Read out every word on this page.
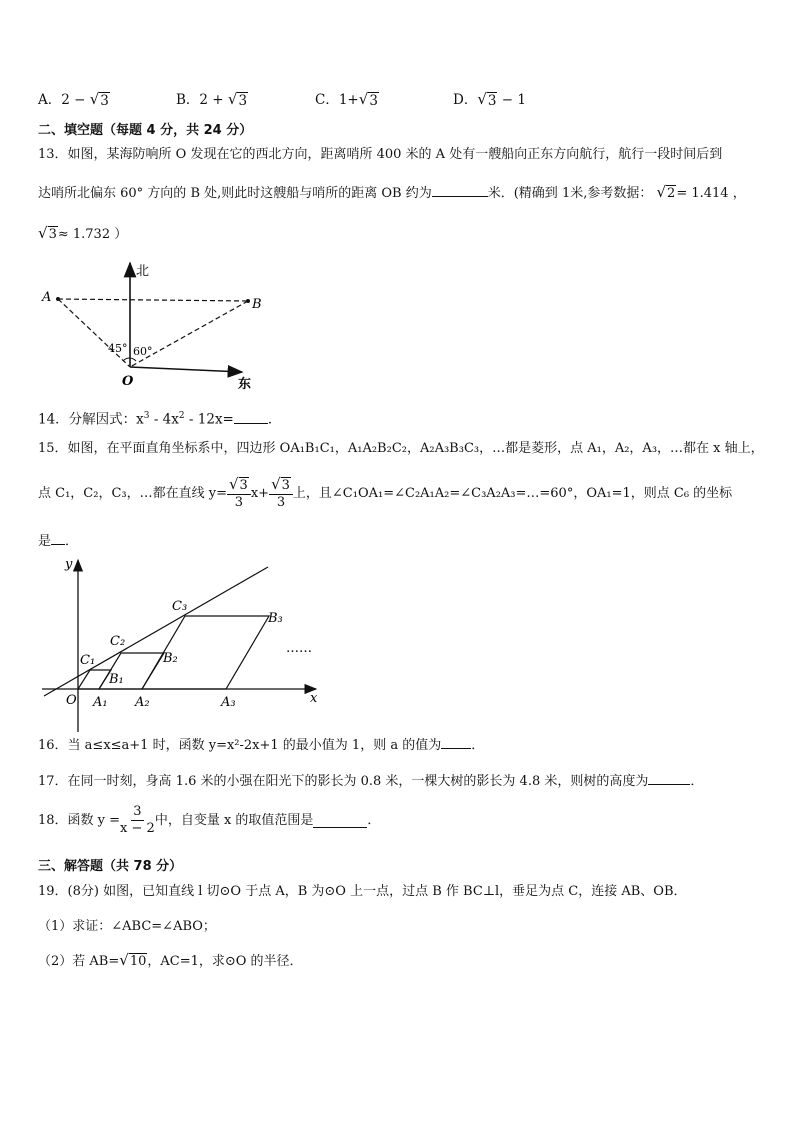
A．2 − √ 3	B．2 + √ 3	C．1+ √ 3	D． √ 3 − 1
二、填空题（每题 4 分，共 24 分）
13．如图，某海防响所 O 发现在它的西北方向，距离哨所 400 米的 A 处有一艘船向正东方向航行，航行一段时间后到
达哨所北偏东 60° 方向的 B 处,则此时这艘船与哨所的距离 OB 约为	米．(精确到 1米,参考数据： √ 2 = 1.414 ，
√ 3 ≈ 1.732 ）
北
东
A	B
O
45° 60°
14．分解因式：$x^3 - 4x^2 - 12x=$	．
15．如图，在平面直角坐标系中，四边形 OA₁B₁C₁，A₁A₂B₂C₂，A₂A₃B₃C₃，…都是菱形，点 A₁，A₂，A₃，…都在 x 轴上，
点 C₁，C₂，C₃，…都在直线 $y= \frac{√ 3}{3} x+ \frac{√ 3}{3}$ 上，且∠C₁OA₁=∠C₂A₁A₂=∠C₃A₂A₃=…=60°，OA₁=1，则点 C₆ 的坐标
是 ．
y
x
O
C₁
C₂
C₃
B₁
B₂
B₃
A₁ A₂	A₃
……
16．当 a≤x≤a+1 时，函数 y=x²-2x+1 的最小值为 1，则 a 的值为 ．
17．在同一时刻，身高 1.6 米的小强在阳光下的影长为 0.8 米，一棵大树的影长为 4.8 米，则树的高度为	．
18．函数 $y = \frac{3}{x - 2}$ 中，自变量 x 的取值范围是	．
三、解答题（共 78 分）
19．(8分) 如图，已知直线 l 切⊙O 于点 A，B 为⊙O 上一点，过点 B 作 BC⊥l，垂足为点 C，连接 AB、OB．
（1）求证：∠ABC=∠ABO；
（2）若 AB= √ 10 ，AC=1，求⊙O 的半径．
